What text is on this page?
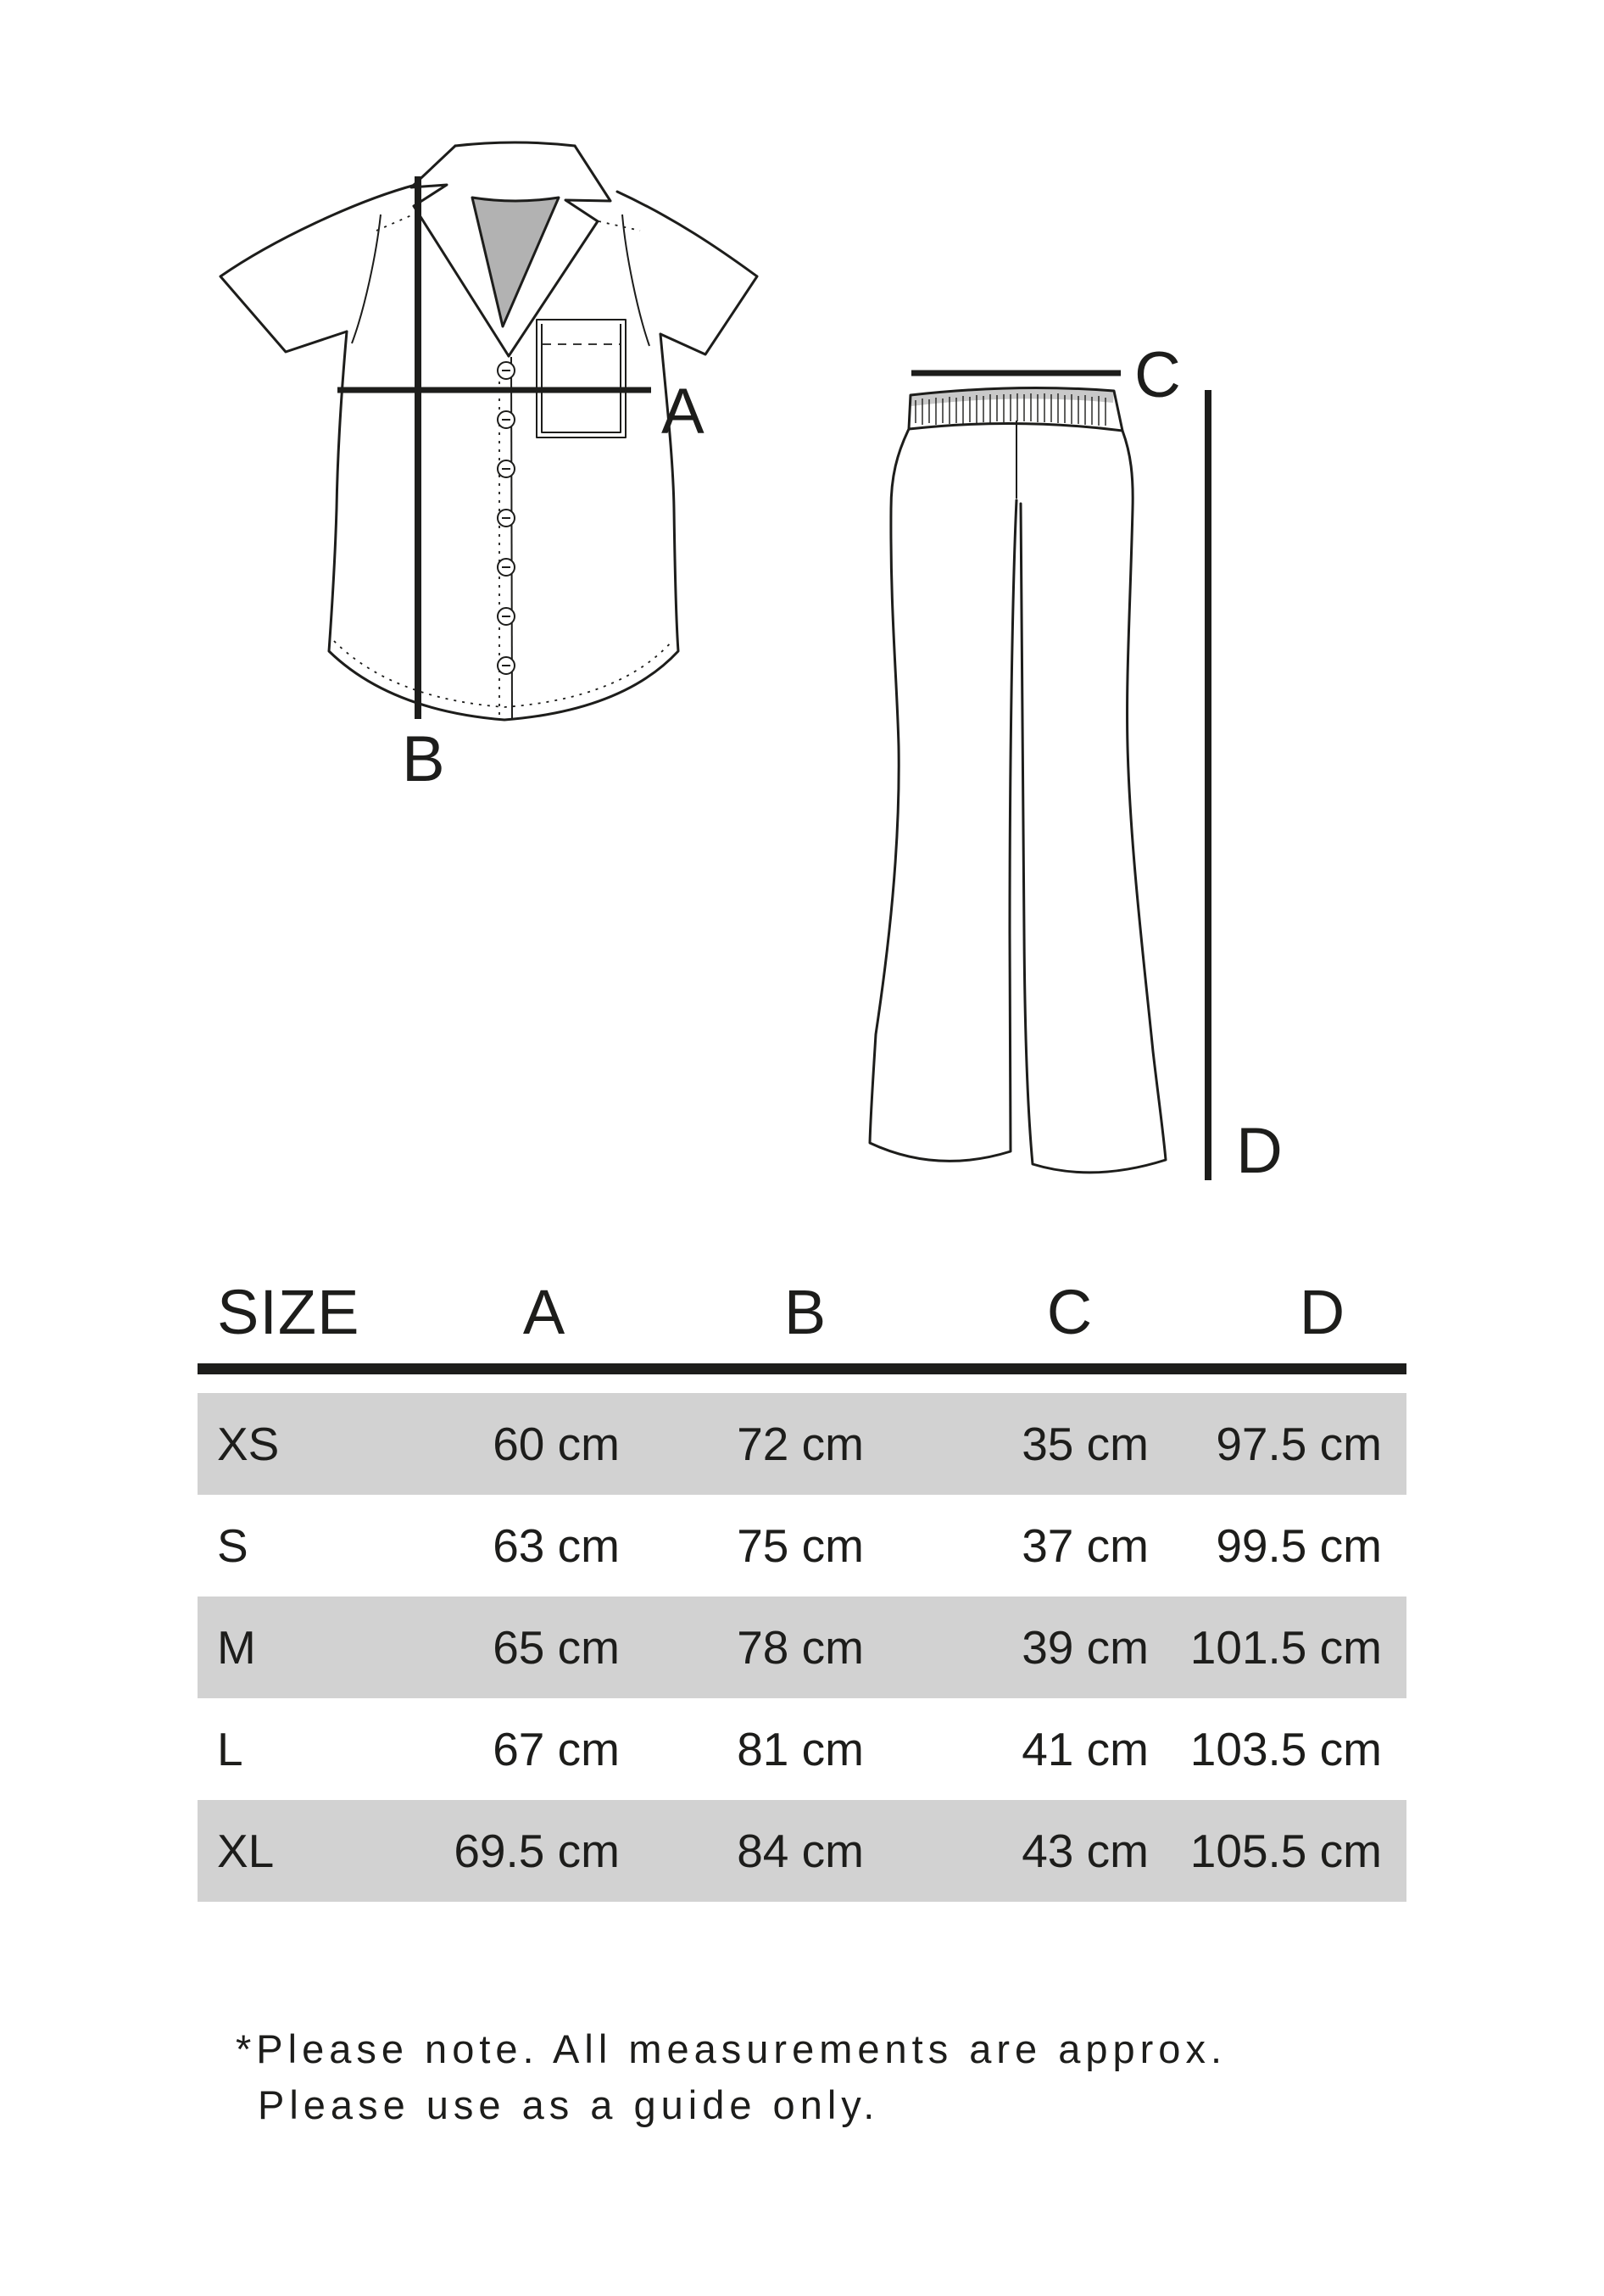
A
B
C
D
SIZE	A	B	C	D
XS	60 cm	72 cm	35 cm 97.5 cm
S	63 cm	75 cm	37 cm 99.5 cm
M	65 cm	78 cm	39 cm 101.5 cm
L	67 cm	81 cm	41 cm 103.5 cm
XL	69.5 cm	84 cm	43 cm 105.5 cm
*Please note. All measurements are approx.
Please use as a guide only.
